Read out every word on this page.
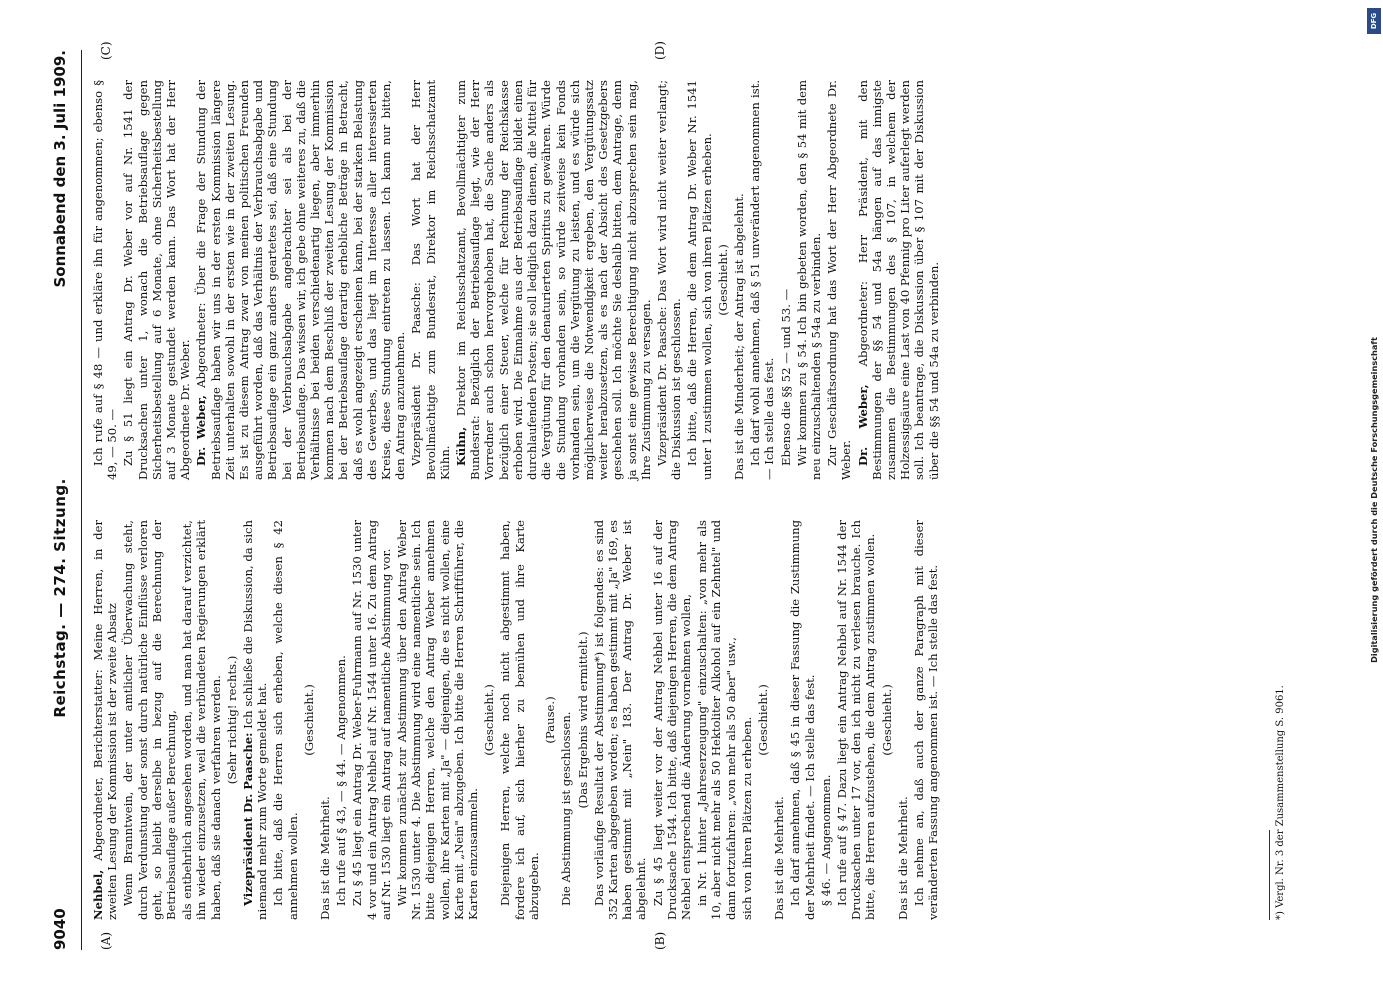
9040
Reichstag. — 274. Sitzung.
Sonnabend den 3. Juli 1909.
(A)	(B)
(C)	(D)

Nehbel, Abgeordneter, Berichterstatter: Meine Herren, in der zweiten Lesung der Kommission ist der zweite Absatz Wenn Branntwein, der unter amtlicher Überwachung steht, durch Verdunstung oder sonst durch natürliche Einflüsse verloren geht, so bleibt derselbe in bezug auf die Berechnung der Betriebsauflage außer Berechnung, als entbehrlich angesehen worden, und man hat darauf verzichtet, ihn wieder einzusetzen, weil die verbündeten Regierungen erklärt haben, daß sie danach verfahren werden. (Sehr richtig! rechts.)

Vizepräsident Dr. Paasche: Ich schließe die Diskussion, da sich niemand mehr zum Worte gemeldet hat. Ich bitte, daß die Herren sich erheben, welche diesen § 42 annehmen wollen.

(Geschieht.)

Das ist die Mehrheit. Ich rufe auf § 43, — § 44. — Angenommen. Zu § 45 liegt ein Antrag Dr. Weber-Fuhrmann auf Nr. 1530 unter 4 vor und ein Antrag Nehbel auf Nr. 1544 unter 16. Zu dem Antrag auf Nr. 1530 liegt ein Antrag auf namentliche Abstimmung vor. Wir kommen zunächst zur Abstimmung über den Antrag Weber Nr. 1530 unter 4. Die Abstimmung wird eine namentliche sein. Ich bitte diejenigen Herren, welche den Antrag Weber annehmen wollen, ihre Karten mit „Ja" — diejenigen, die es nicht wollen, eine Karte mit „Nein" abzugeben. Ich bitte die Herren Schriftführer, die Karten einzusammeln.

(Geschieht.) Diejenigen Herren, welche noch nicht abgestimmt haben, fordere ich auf, sich hierher zu bemühen und ihre Karte abzugeben.

(Pause.) Die Abstimmung ist geschlossen. (Das Ergebnis wird ermittelt.) Das vorläufige Resultat der Abstimmung*) ist folgendes: es sind 352 Karten abgegeben worden; es haben gestimmt mit „Ja" 169, es haben gestimmt mit „Nein" 183. Der Antrag Dr. Weber ist abgelehnt. Zu § 45 liegt weiter vor der Antrag Nehbel unter 16 auf der Drucksache 1544. Ich bitte, daß diejenigen Herren, die dem Antrag Nehbel entsprechend die Änderung vornehmen wollen, in Nr. 1 hinter „Jahreserzeugung" einzuschalten: „von mehr als 10, aber nicht mehr als 50 Hektoliter Alkohol auf ein Zehntel" und dann fortzufahren: „von mehr als 50 aber" usw., sich von ihren Plätzen zu erheben. (Geschieht.)

Das ist die Mehrheit. Ich darf annehmen, daß § 45 in dieser Fassung die Zustimmung der Mehrheit findet. — Ich stelle das fest. § 46. — Angenommen. Ich rufe auf § 47. Dazu liegt ein Antrag Nehbel auf Nr. 1544 der Drucksachen unter 17 vor, den ich nicht zu verlesen brauche. Ich bitte, die Herren aufzustehen, die dem Antrag zustimmen wollen. (Geschieht.)

Das ist die Mehrheit. Ich nehme an, daß auch der ganze Paragraph mit dieser veränderten Fassung angenommen ist. — Ich stelle das fest.

Ich rufe auf § 48 — und erkläre ihn für angenommen; ebenso § 49, — 50. — Zu § 51 liegt ein Antrag Dr. Weber vor auf Nr. 1541 der Drucksachen unter 1, wonach die Betriebsauflage gegen Sicherheitsbestellung auf 6 Monate, ohne Sicherheitsbestellung auf 3 Monate gestundet werden kann. Das Wort hat der Herr Abgeordnete Dr. Weber. Dr. Weber, Abgeordneter: Über die Frage der Stundung der Betriebsauflage haben wir uns in der ersten Kommission längere Zeit unterhalten sowohl in der ersten wie in der zweiten Lesung. Es ist zu diesem Antrag zwar von meinen politischen Freunden ausgeführt worden, daß das Verhältnis der Verbrauchsabgabe und Betriebsauflage ein ganz anders geartetes sei, daß eine Stundung bei der Verbrauchsabgabe angebrachter sei als bei der Betriebsauflage. Das wissen wir, ich gebe ohne weiteres zu, daß die Verhältnisse bei beiden verschiedenartig liegen, aber immerhin kommen nach dem Beschluß der zweiten Lesung der Kommission bei der Betriebsauflage derartig erhebliche Beträge in Betracht, daß es wohl angezeigt erscheinen kann, bei der starken Belastung des Gewerbes, und das liegt im Interesse aller interessierten Kreise, diese Stundung eintreten zu lassen. Ich kann nur bitten, den Antrag anzunehmen. Vizepräsident Dr. Paasche: Das Wort hat der Herr Bevollmächtigte zum Bundesrat, Direktor im Reichsschatzamt Kühn. Kühn, Direktor im Reichsschatzamt, Bevollmächtigter zum Bundesrat: Bezüglich der Betriebsauflage liegt, wie der Herr Vorredner auch schon hervorgehoben hat, die Sache anders als bezüglich einer Steuer, welche für Rechnung der Reichskasse erhoben wird. Die Einnahme aus der Betriebsauflage bildet einen durchlaufenden Posten; sie soll lediglich dazu dienen, die Mittel für die Vergütung für den denaturierten Spiritus zu gewähren. Würde die Stundung vorhanden sein, so würde zeitweise kein Fonds vorhanden sein, um die Vergütung zu leisten, und es würde sich möglicherweise die Notwendigkeit ergeben, den Vergütungssatz weiter herabzusetzen, als es nach der Absicht des Gesetzgebers geschehen soll. Ich möchte Sie deshalb bitten, dem Antrage, denn ja sonst eine gewisse Berechtigung nicht abzusprechen sein mag, Ihre Zustimmung zu versagen. Vizepräsident Dr. Paasche: Das Wort wird nicht weiter verlangt; die Diskussion ist geschlossen. Ich bitte, daß die Herren, die dem Antrag Dr. Weber Nr. 1541 unter 1 zustimmen wollen, sich von ihren Plätzen erheben. (Geschieht.) Das ist die Minderheit; der Antrag ist abgelehnt. Ich darf wohl annehmen, daß § 51 unverändert angenommen ist. — Ich stelle das fest. Ebenso die §§ 52 — und 53. — Wir kommen zu § 54. Ich bin gebeten worden, den § 54 mit dem neu einzuschaltenden § 54a zu verbinden. Zur Geschäftsordnung hat das Wort der Herr Abgeordnete Dr. Weber. Dr. Weber, Abgeordneter: Herr Präsident, mit den Bestimmungen der §§ 54 und 54a hängen auf das innigste zusammen die Bestimmungen des § 107, in welchem der Holzessigsäure eine Last von 40 Pfennig pro Liter auferlegt werden soll. Ich beantrage, die Diskussion über § 107 mit der Diskussion über die §§ 54 und 54a zu verbinden.

*) Vergl. Nr. 3 der Zusammenstellung S. 9061.
DFG
Digitalisierung gefördert durch die Deutsche Forschungsgemeinschaft
